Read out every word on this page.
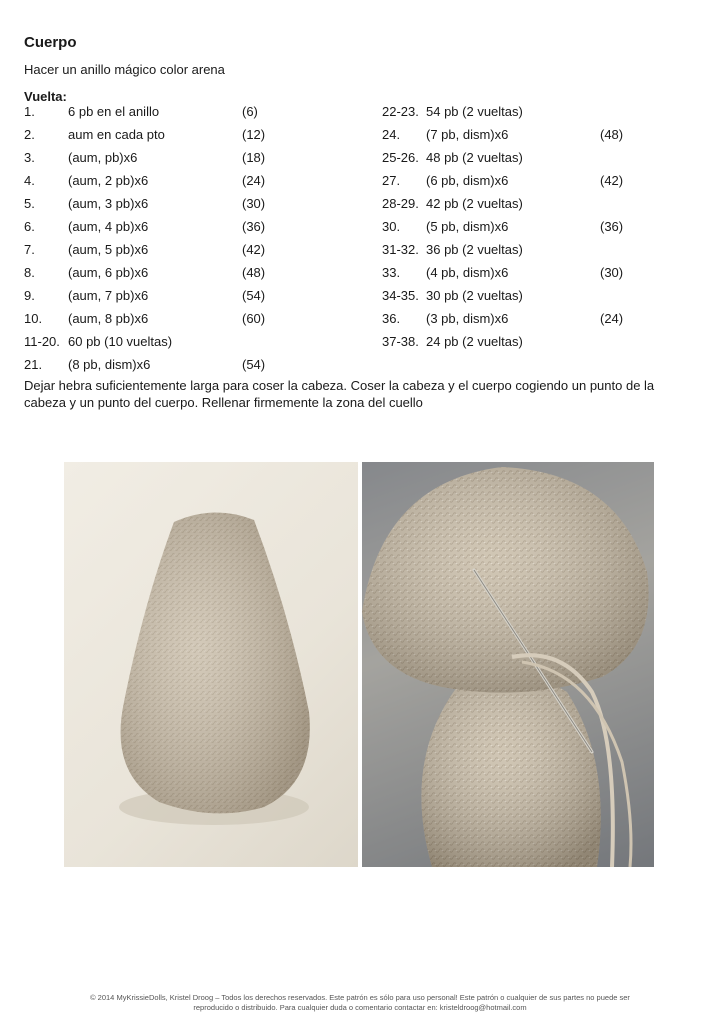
Cuerpo
Hacer un anillo mágico color arena
Vuelta:
1.	6 pb en el anillo	(6)
2.	aum en cada pto	(12)
3.	(aum, pb)x6	(18)
4.	(aum, 2 pb)x6	(24)
5.	(aum, 3 pb)x6	(30)
6.	(aum, 4 pb)x6	(36)
7.	(aum, 5 pb)x6	(42)
8.	(aum, 6 pb)x6	(48)
9.	(aum, 7 pb)x6	(54)
10. (aum, 8 pb)x6	(60)
11-20. 60 pb (10 vueltas)
21. (8 pb, dism)x6	(54)
22-23. 54 pb (2 vueltas)
24. (7 pb, dism)x6	(48)
25-26. 48 pb (2 vueltas)
27. (6 pb, dism)x6	(42)
28-29. 42 pb (2 vueltas)
30. (5 pb, dism)x6	(36)
31-32. 36 pb (2 vueltas)
33. (4 pb, dism)x6	(30)
34-35. 30 pb (2 vueltas)
36. (3 pb, dism)x6	(24)
37-38. 24 pb (2 vueltas)
Dejar hebra suficientemente larga para coser la cabeza. Coser la cabeza y el cuerpo cogiendo un punto de la cabeza y un punto del cuerpo. Rellenar firmemente la zona del cuello
© 2014 MyKrissieDolls, Kristel Droog – Todos los derechos reservados. Este patrón es sólo para uso personal! Este patrón o cualquier de sus partes no puede ser
reproducido o distribuido. Para cualquier duda o comentario contactar en: kristeldroog@hotmail.com
